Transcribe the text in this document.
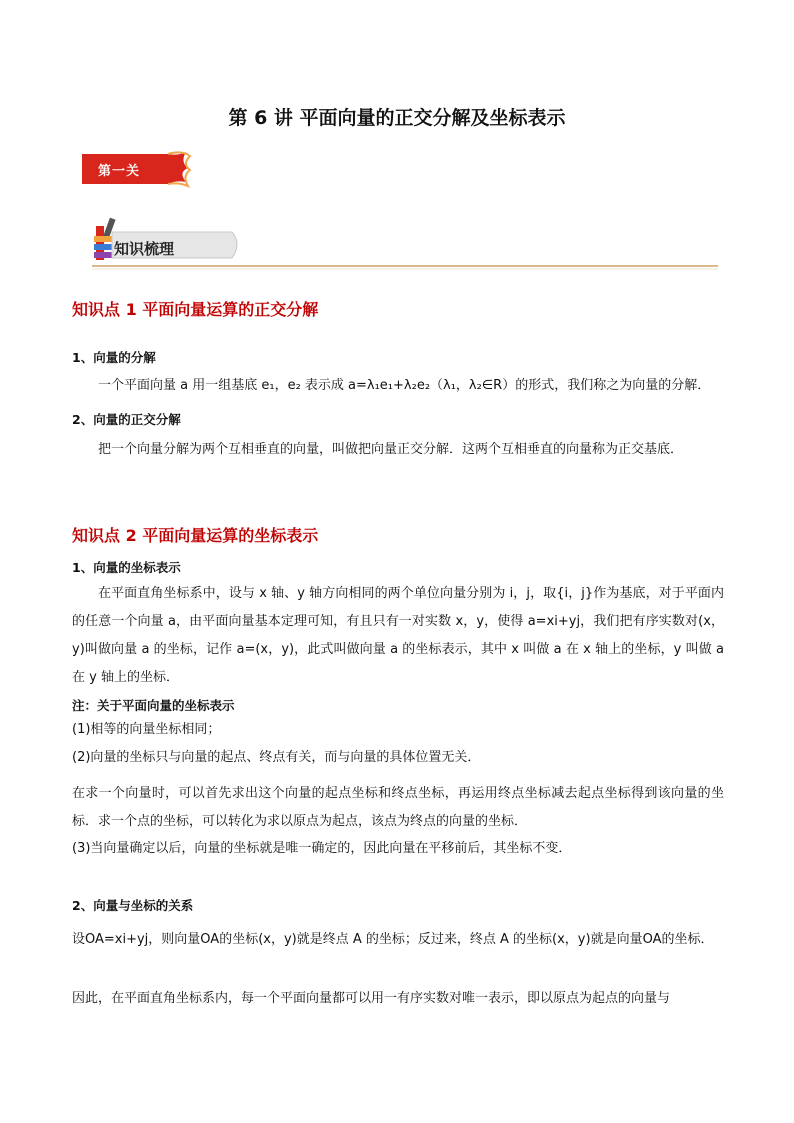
第 6 讲 平面向量的正交分解及坐标表示
第一关
知识梳理
知识点 1 平面向量运算的正交分解
1、向量的分解
一个平面向量 a 用一组基底 e₁，e₂ 表示成 a=λ₁e₁+λ₂e₂（λ₁，λ₂∈R）的形式，我们称之为向量的分解．
2、向量的正交分解
把一个向量分解为两个互相垂直的向量，叫做把向量正交分解．这两个互相垂直的向量称为正交基底．
知识点 2 平面向量运算的坐标表示
1、向量的坐标表示
在平面直角坐标系中，设与 x 轴、y 轴方向相同的两个单位向量分别为 i，j，取{i，j}作为基底，对于平面内的任意一个向量 a，由平面向量基本定理可知，有且只有一对实数 x，y，使得 a=xi+yj，我们把有序实数对(x，y)叫做向量 a 的坐标，记作 a=(x，y)，此式叫做向量 a 的坐标表示，其中 x 叫做 a 在 x 轴上的坐标，y 叫做 a 在 y 轴上的坐标．
注：关于平面向量的坐标表示
(1)相等的向量坐标相同；
(2)向量的坐标只与向量的起点、终点有关，而与向量的具体位置无关．
在求一个向量时，可以首先求出这个向量的起点坐标和终点坐标，再运用终点坐标减去起点坐标得到该向量的坐标．求一个点的坐标，可以转化为求以原点为起点，该点为终点的向量的坐标．
(3)当向量确定以后，向量的坐标就是唯一确定的，因此向量在平移前后，其坐标不变．
2、向量与坐标的关系
设OA=xi+yj，则向量OA的坐标(x，y)就是终点 A 的坐标；反过来，终点 A 的坐标(x，y)就是向量OA的坐标．
因此，在平面直角坐标系内，每一个平面向量都可以用一有序实数对唯一表示，即以原点为起点的向量与
